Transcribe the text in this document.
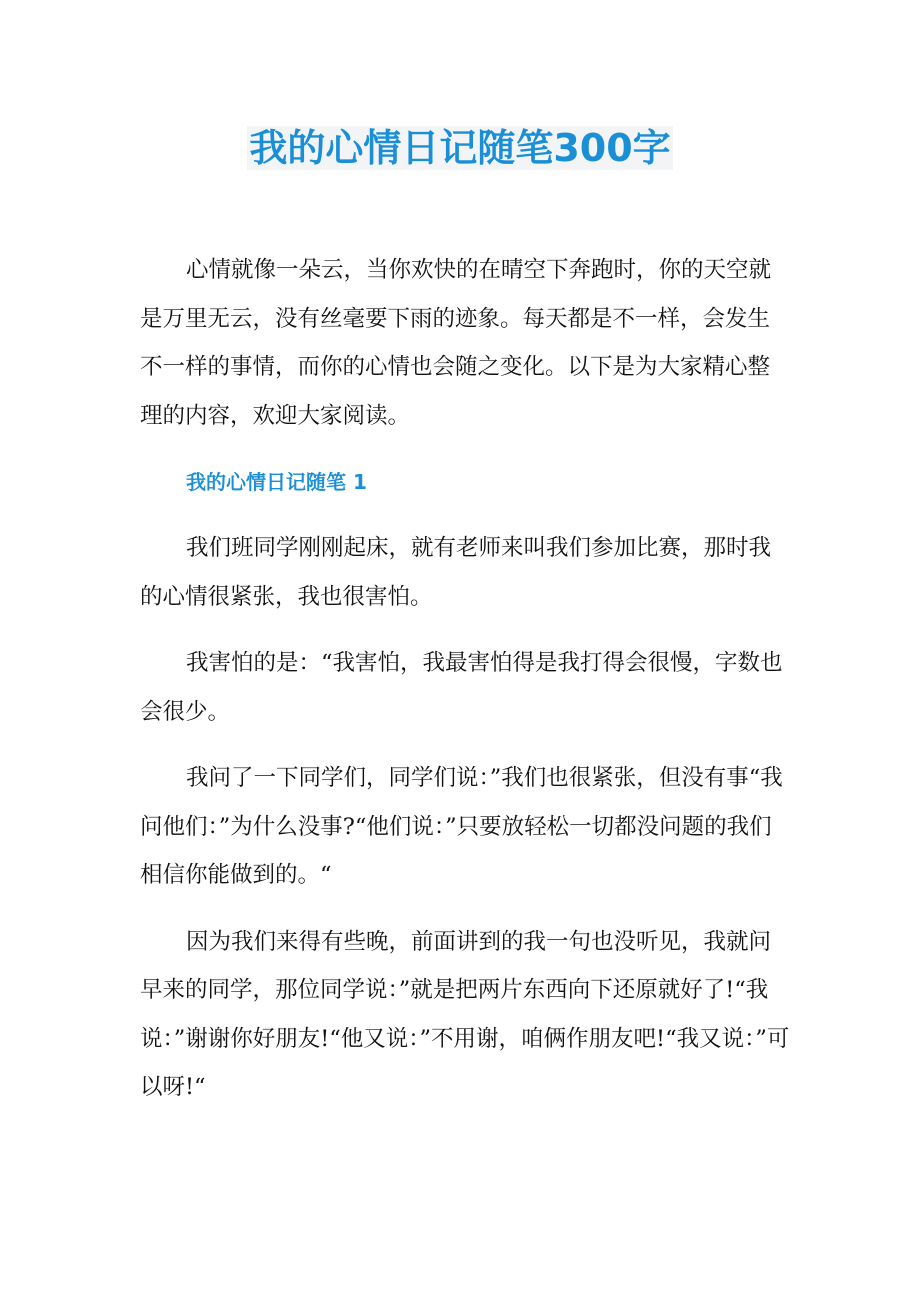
我的心情日记随笔300字

心情就像一朵云，当你欢快的在晴空下奔跑时，你的天空就是万里无云，没有丝毫要下雨的迹象。每天都是不一样，会发生不一样的事情，而你的心情也会随之变化。以下是为大家精心整理的内容，欢迎大家阅读。

我的心情日记随笔 1

我们班同学刚刚起床，就有老师来叫我们参加比赛，那时我的心情很紧张，我也很害怕。

我害怕的是：“我害怕，我最害怕得是我打得会很慢，字数也会很少。

我问了一下同学们，同学们说：”我们也很紧张，但没有事“我问他们：”为什么没事?“他们说：”只要放轻松一切都没问题的我们相信你能做到的。“

因为我们来得有些晚，前面讲到的我一句也没听见，我就问早来的同学，那位同学说：”就是把两片东西向下还原就好了!“我说：”谢谢你好朋友!“他又说：”不用谢，咱俩作朋友吧!“我又说：”可以呀!“
